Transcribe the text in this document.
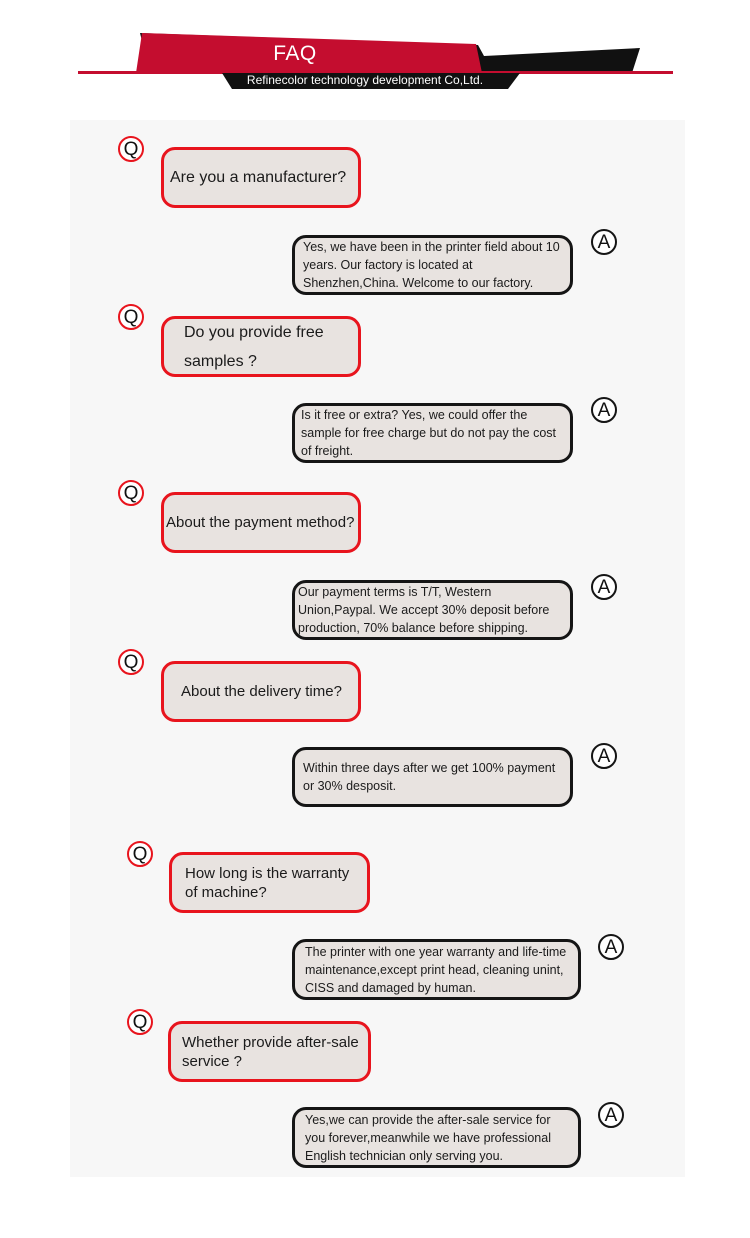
FAQ
Refinecolor technology development Co,Ltd.
Q
Are you a manufacturer?
Yes, we have been in the printer field about 10 years. Our factory is located at Shenzhen,China. Welcome to our factory.
A
Q
Do you provide free samples ?
Is it free or extra? Yes, we could offer the sample for free charge but do not pay the cost of freight.
A
Q
About the payment method?
Our payment terms is T/T, Western Union,Paypal. We accept 30% deposit before production, 70% balance before shipping.
A
Q
About the delivery time?
Within three days after we get 100% payment or 30% desposit.
A
Q
How long is the warranty of machine?
The printer with one year warranty and life-time maintenance,except print head, cleaning unint, CISS and damaged by human.
A
Q
Whether provide after-sale service ?
Yes,we can provide the after-sale service for you forever,meanwhile we have professional English technician only serving you.
A
